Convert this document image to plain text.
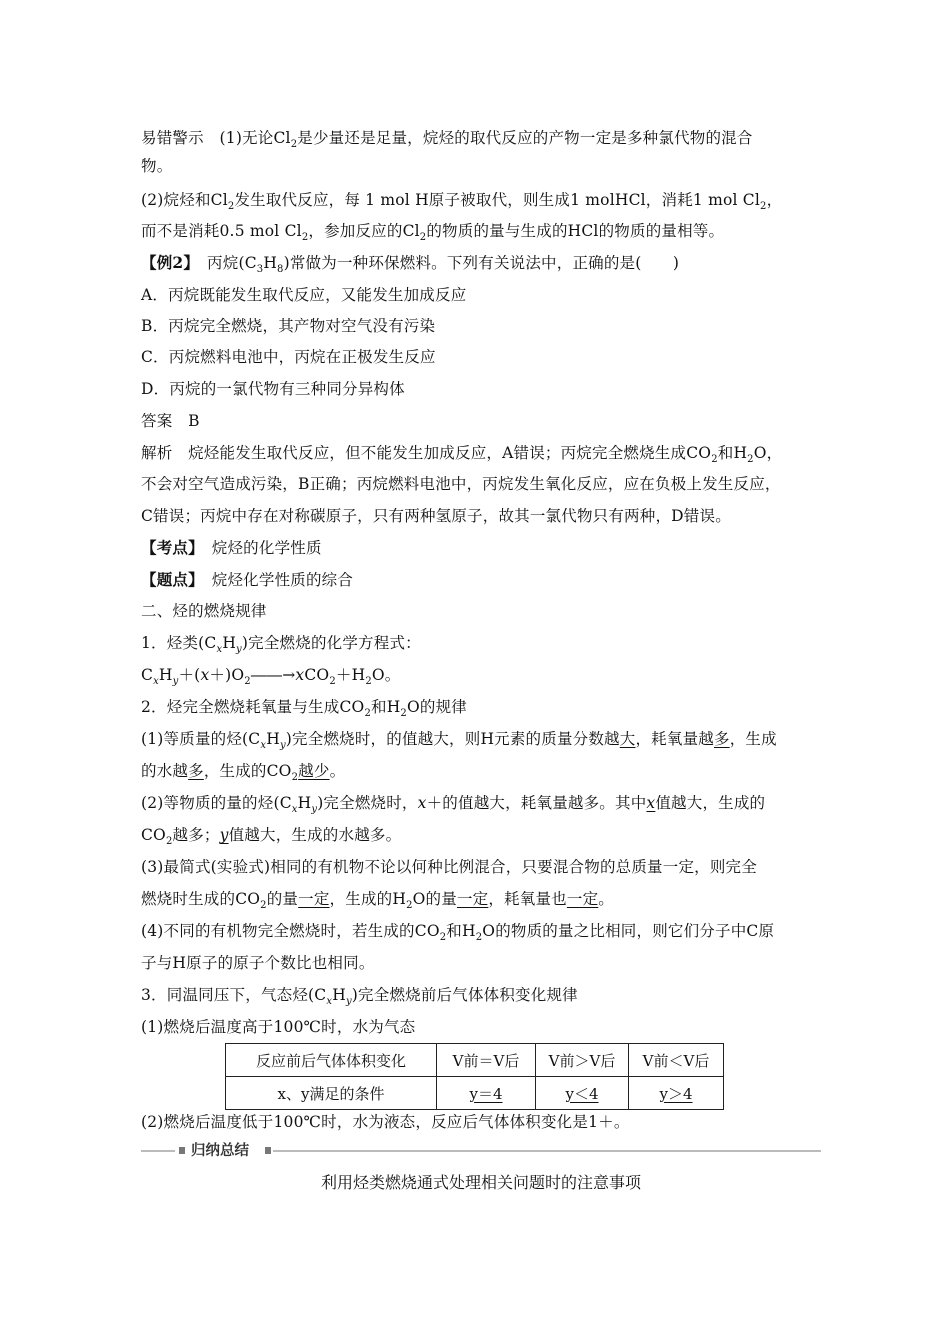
易错警示　 (1)无论$Cl_2$是少量还是足量，烷烃的取代反应的产物一定是多种氯代物的混合
物。
(2)烷烃和$Cl_2$发生取代反应，每 1 mol H原子被取代，则生成1 molHCl，消耗1 mol $Cl_2$，
而不是消耗0.5 mol $Cl_2$，参加反应的$Cl_2$的物质的量与生成的HCl的物质的量相等。
【例2】　 丙烷$(C_3H_8)$常做为一种环保燃料。下列有关说法中，正确的是(　　)
A．丙烷既能发生取代反应，又能发生加成反应
B．丙烷完全燃烧，其产物对空气没有污染
C．丙烷燃料电池中，丙烷在正极发生反应
D．丙烷的一氯代物有三种同分异构体
答案　 B
解析　 烷烃能发生取代反应，但不能发生加成反应，A错误；丙烷完全燃烧生成$CO_2$和$H_2O$，
不会对空气造成污染，B正确；丙烷燃料电池中，丙烷发生氧化反应，应在负极上发生反应，
C错误；丙烷中存在对称碳原子，只有两种氢原子，故其一氯代物只有两种，D错误。
【考点】　 烷烃的化学性质
【题点】　 烷烃化学性质的综合
二、烃的燃烧规律
1．烃类$(C_xH_y)$完全燃烧的化学方程式：
$C_xH_y+(x+)O_2――\to xCO_2+H_2O$。
2．烃完全燃烧耗氧量与生成$CO_2$和$H_2O$的规律
(1)等质量的烃$(C_xH_y)$完全燃烧时，的值越大，则H元素的质量分数越大，耗氧量越多，生成
的水越多，生成的$CO_2$越少。
(2)等物质的量的烃$(C_xH_y)$完全燃烧时，x＋的值越大，耗氧量越多。其中x值越大，生成的
$CO_2$越多；y值越大，生成的水越多。
(3)最简式(实验式)相同的有机物不论以何种比例混合，只要混合物的总质量一定，则完全
燃烧时生成的$CO_2$的量一定，生成的$H_2O$的量一定，耗氧量也一定。
(4)不同的有机物完全燃烧时，若生成的$CO_2$和$H_2O$的物质的量之比相同，则它们分子中C原
子与H原子的原子个数比也相同。
3．同温同压下，气态烃$(C_xH_y)$完全燃烧前后气体体积变化规律
(1)燃烧后温度高于100℃时，水为气态
反应前后气体体积变化	V前＝V后	V前＞V后	V前＜V后
x、y满足的条件	y＝4	y＜4	y＞4
(2)燃烧后温度低于100℃时，水为液态，反应后气体体积变化是1＋。
归纳总结
利用烃类燃烧通式处理相关问题时的注意事项
